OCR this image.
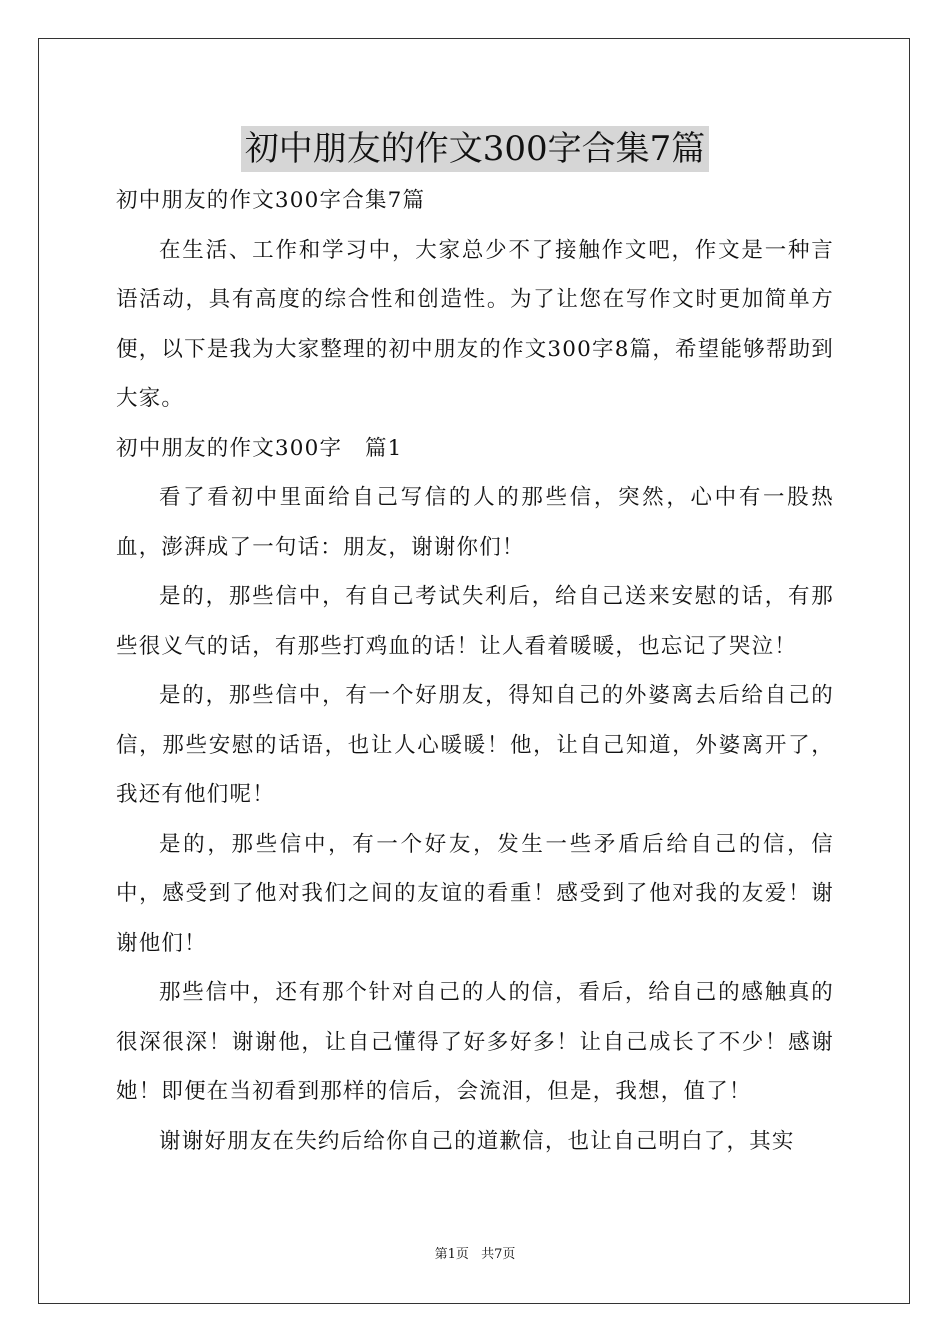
初中朋友的作文300字合集7篇

初中朋友的作文300字合集7篇

在生活、工作和学习中，大家总少不了接触作文吧，作文是一种言语活动，具有高度的综合性和创造性。为了让您在写作文时更加简单方便，以下是我为大家整理的初中朋友的作文300字8篇，希望能够帮助到大家。

初中朋友的作文300字　篇1

看了看初中里面给自己写信的人的那些信，突然，心中有一股热血，澎湃成了一句话：朋友，谢谢你们！

是的，那些信中，有自己考试失利后，给自己送来安慰的话，有那些很义气的话，有那些打鸡血的话！让人看着暖暖，也忘记了哭泣！

是的，那些信中，有一个好朋友，得知自己的外婆离去后给自己的信，那些安慰的话语，也让人心暖暖！他，让自己知道，外婆离开了，我还有他们呢！

是的，那些信中，有一个好友，发生一些矛盾后给自己的信，信中，感受到了他对我们之间的友谊的看重！感受到了他对我的友爱！谢谢他们！

那些信中，还有那个针对自己的人的信，看后，给自己的感触真的很深很深！谢谢他，让自己懂得了好多好多！让自己成长了不少！感谢她！即便在当初看到那样的信后，会流泪，但是，我想，值了！

谢谢好朋友在失约后给你自己的道歉信，也让自己明白了，其实

第1页 共7页
